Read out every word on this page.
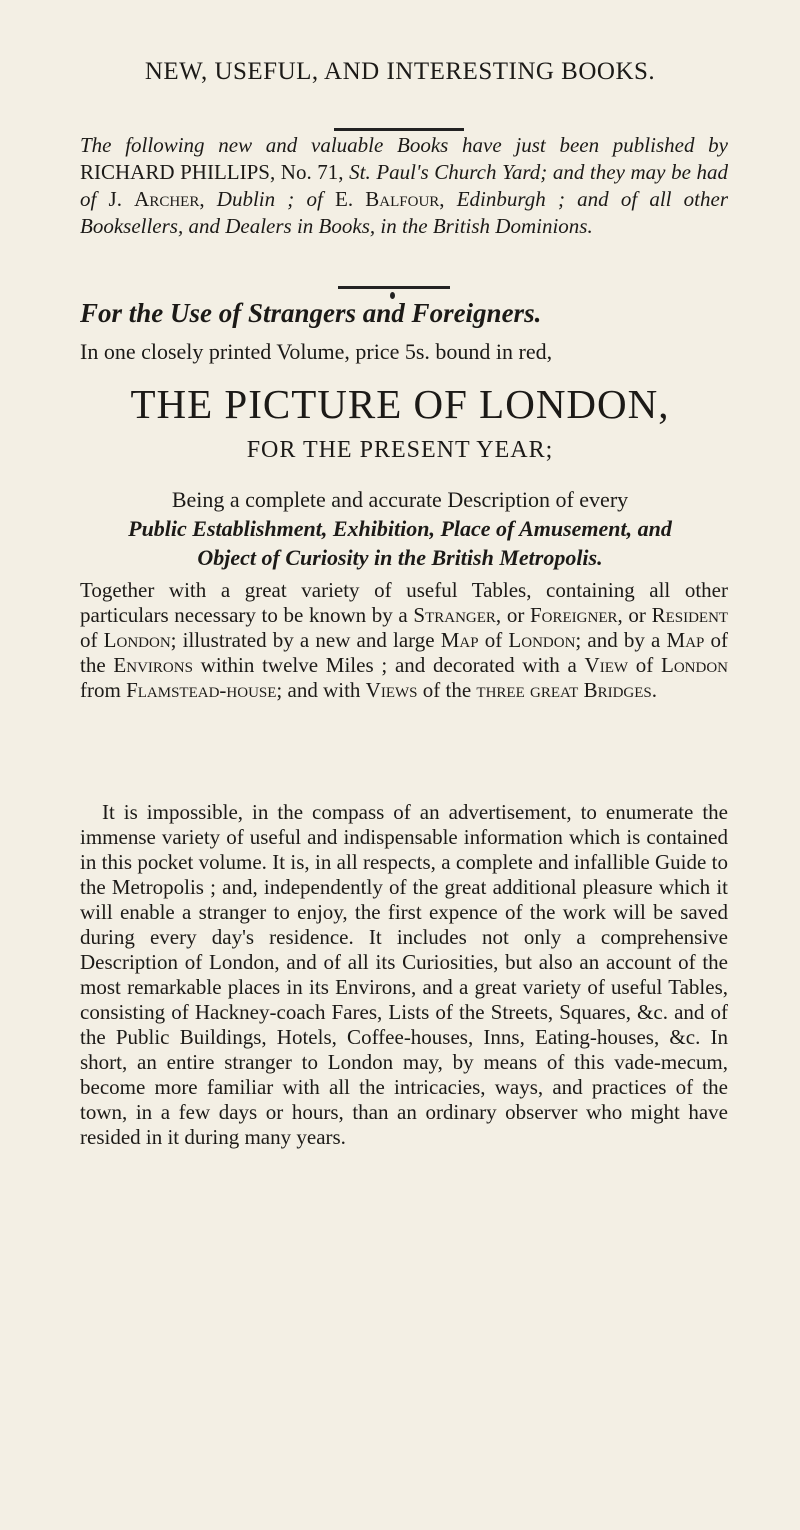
NEW, USEFUL, AND INTERESTING BOOKS.
The following new and valuable Books have just been published by RICHARD PHILLIPS, No. 71, St. Paul's Church Yard; and they may be had of J. Archer, Dublin ; of E. Balfour, Edinburgh ; and of all other Booksellers, and Dealers in Books, in the British Dominions.
For the Use of Strangers and Foreigners.
In one closely printed Volume, price 5s. bound in red,
THE PICTURE OF LONDON,
FOR THE PRESENT YEAR;
Being a complete and accurate Description of every
Public Establishment, Exhibition, Place of Amusement, and
Object of Curiosity in the British Metropolis.
Together with a great variety of useful Tables, containing all other particulars necessary to be known by a Stranger, or Foreigner, or Resident of London; illustrated by a new and large Map of London; and by a Map of the Environs within twelve Miles ; and decorated with a View of London from Flamstead-house; and with Views of the three great Bridges.
It is impossible, in the compass of an advertisement, to enumerate the immense variety of useful and indispensable information which is contained in this pocket volume. It is, in all respects, a complete and infallible Guide to the Metropolis ; and, independently of the great additional pleasure which it will enable a stranger to enjoy, the first expence of the work will be saved during every day's residence. It includes not only a comprehensive Description of London, and of all its Curiosities, but also an account of the most remarkable places in its Environs, and a great variety of useful Tables, consisting of Hackney-coach Fares, Lists of the Streets, Squares, &c. and of the Public Buildings, Hotels, Coffee-houses, Inns, Eating-houses, &c. In short, an entire stranger to London may, by means of this vade-mecum, become more familiar with all the intricacies, ways, and practices of the town, in a few days or hours, than an ordinary observer who might have resided in it during many years.
